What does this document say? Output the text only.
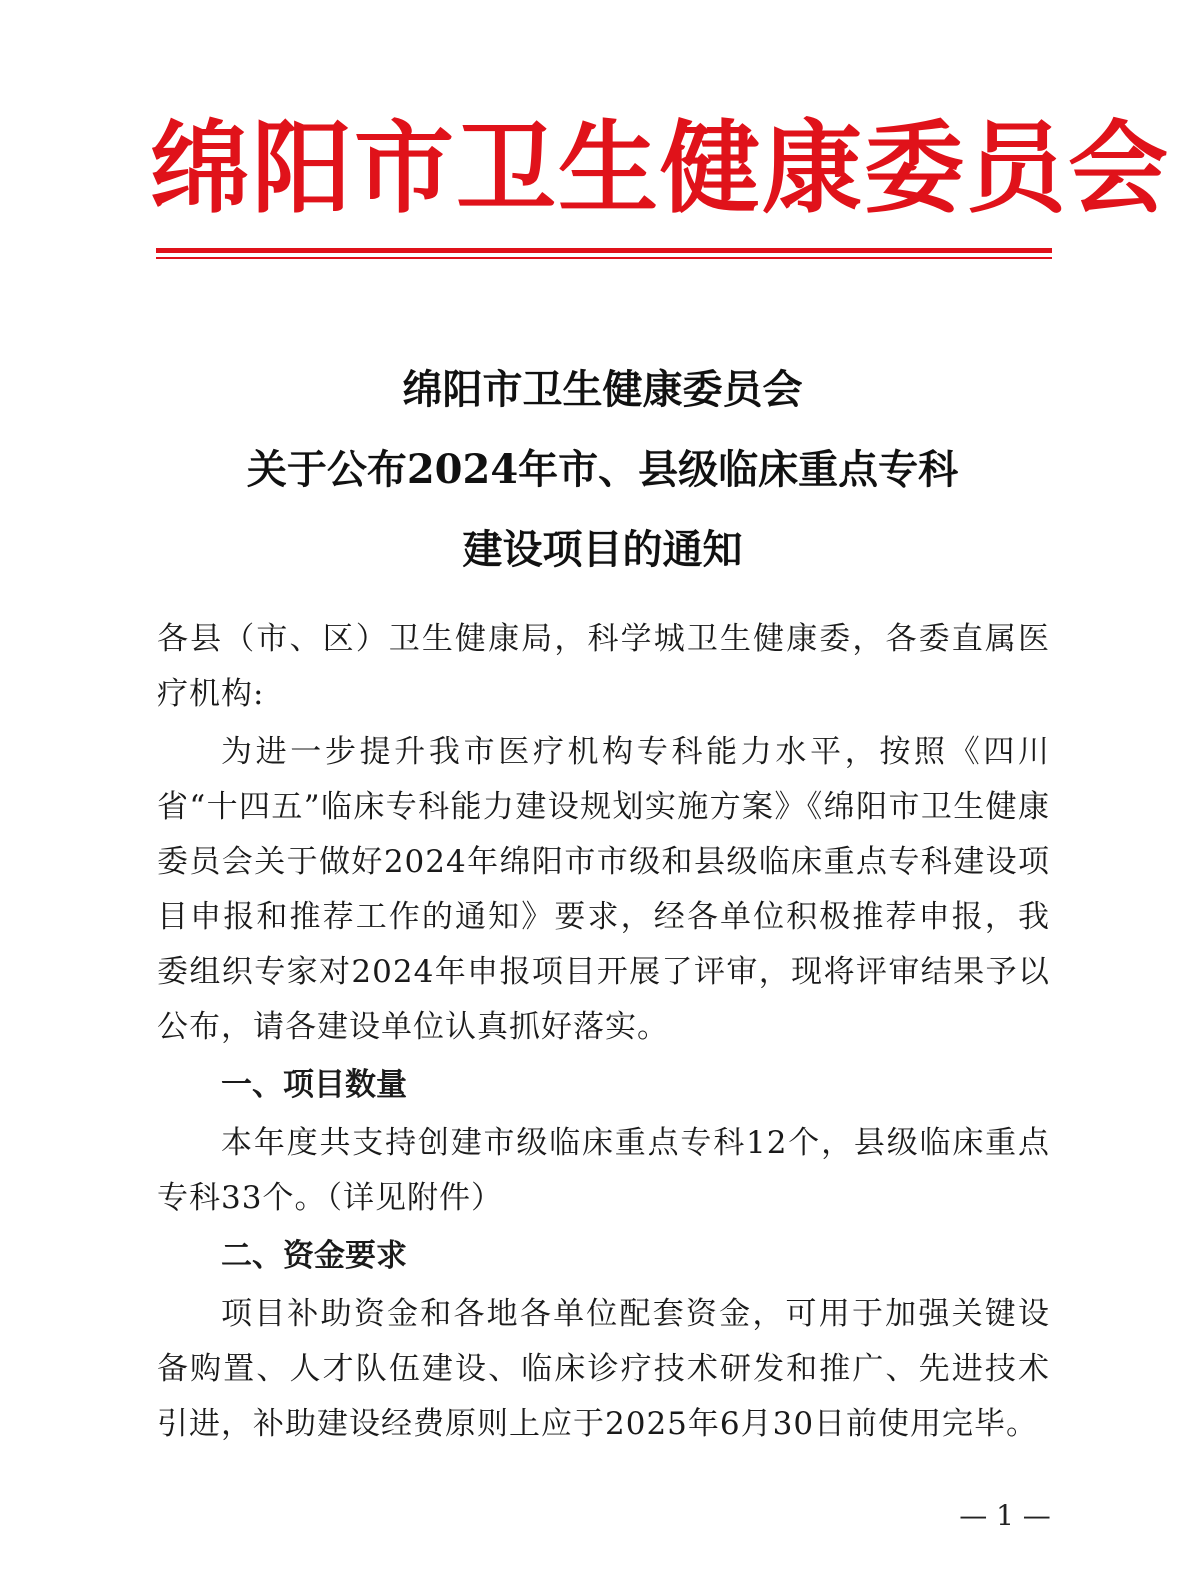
绵阳市卫生健康委员会
绵阳市卫生健康委员会
关于公布2024年市、县级临床重点专科
建设项目的通知

各县（市、区）卫生健康局，科学城卫生健康委，各委直属医疗机构:

为进一步提升我市医疗机构专科能力水平，按照《四川省“十四五”临床专科能力建设规划实施方案》《绵阳市卫生健康委员会关于做好2024年绵阳市市级和县级临床重点专科建设项目申报和推荐工作的通知》要求，经各单位积极推荐申报，我委组织专家对2024年申报项目开展了评审，现将评审结果予以公布，请各建设单位认真抓好落实。

一、项目数量

本年度共支持创建市级临床重点专科12个，县级临床重点专科33个。（详见附件）

二、资金要求

项目补助资金和各地各单位配套资金，可用于加强关键设备购置、人才队伍建设、临床诊疗技术研发和推广、先进技术引进，补助建设经费原则上应于2025年6月30日前使用完毕。

— 1 —
